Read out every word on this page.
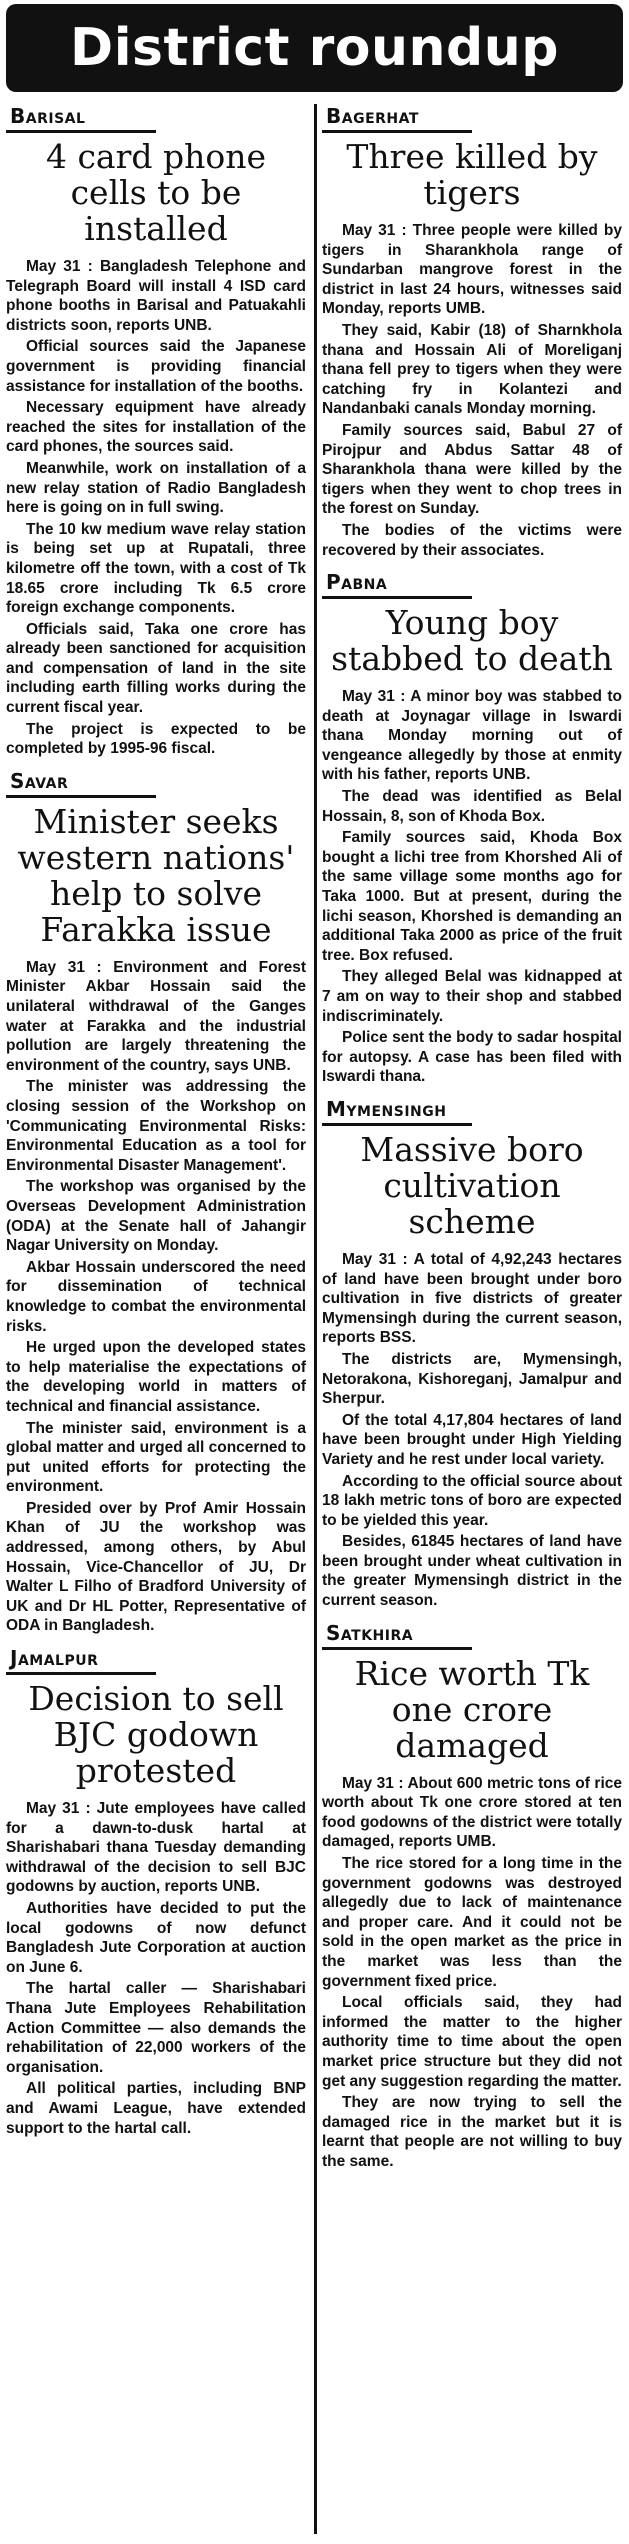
District roundup
Barisal
4 card phone cells to be installed

May 31 : Bangladesh Telephone and Telegraph Board will install 4 ISD card phone booths in Barisal and Patuakahli districts soon, reports UNB.

Official sources said the Japanese government is providing financial assistance for installation of the booths.

Necessary equipment have already reached the sites for installation of the card phones, the sources said.

Meanwhile, work on installation of a new relay station of Radio Bangladesh here is going on in full swing.

The 10 kw medium wave relay station is being set up at Rupatali, three kilometre off the town, with a cost of Tk 18.65 crore including Tk 6.5 crore foreign exchange components.

Officials said, Taka one crore has already been sanctioned for acquisition and compensation of land in the site including earth filling works during the current fiscal year.

The project is expected to be completed by 1995-96 fiscal.

Savar
Minister seeks western nations' help to solve Farakka issue

May 31 : Environment and Forest Minister Akbar Hossain said the unilateral withdrawal of the Ganges water at Farakka and the industrial pollution are largely threatening the environment of the country, says UNB.

The minister was addressing the closing session of the Workshop on 'Communicating Environmental Risks: Environmental Education as a tool for Environmental Disaster Management'.

The workshop was organised by the Overseas Development Administration (ODA) at the Senate hall of Jahangir Nagar University on Monday.

Akbar Hossain underscored the need for dissemination of technical knowledge to combat the environmental risks.

He urged upon the developed states to help materialise the expectations of the developing world in matters of technical and financial assistance.

The minister said, environment is a global matter and urged all concerned to put united efforts for protecting the environment.

Presided over by Prof Amir Hossain Khan of JU the workshop was addressed, among others, by Abul Hossain, Vice-Chancellor of JU, Dr Walter L Filho of Bradford University of UK and Dr HL Potter, Representative of ODA in Bangladesh.

Jamalpur
Decision to sell BJC godown protested

May 31 : Jute employees have called for a dawn-to-dusk hartal at Sharishabari thana Tuesday demanding withdrawal of the decision to sell BJC godowns by auction, reports UNB.

Authorities have decided to put the local godowns of now defunct Bangladesh Jute Corporation at auction on June 6.

The hartal caller — Sharishabari Thana Jute Employees Rehabilitation Action Committee — also demands the rehabilitation of 22,000 workers of the organisation.

All political parties, including BNP and Awami League, have extended support to the hartal call.

Bagerhat
Three killed by tigers

May 31 : Three people were killed by tigers in Sharankhola range of Sundarban mangrove forest in the district in last 24 hours, witnesses said Monday, reports UMB.

They said, Kabir (18) of Sharnkhola thana and Hossain Ali of Moreliganj thana fell prey to tigers when they were catching fry in Kolantezi and Nandanbaki canals Monday morning.

Family sources said, Babul 27 of Pirojpur and Abdus Sattar 48 of Sharankhola thana were killed by the tigers when they went to chop trees in the forest on Sunday.

The bodies of the victims were recovered by their associates.

Pabna
Young boy stabbed to death

May 31 : A minor boy was stabbed to death at Joynagar village in Iswardi thana Monday morning out of vengeance allegedly by those at enmity with his father, reports UNB.

The dead was identified as Belal Hossain, 8, son of Khoda Box.

Family sources said, Khoda Box bought a lichi tree from Khorshed Ali of the same village some months ago for Taka 1000. But at present, during the lichi season, Khorshed is demanding an additional Taka 2000 as price of the fruit tree. Box refused.

They alleged Belal was kidnapped at 7 am on way to their shop and stabbed indiscriminately.

Police sent the body to sadar hospital for autopsy. A case has been filed with Iswardi thana.

Mymensingh
Massive boro cultivation scheme

May 31 : A total of 4,92,243 hectares of land have been brought under boro cultivation in five districts of greater Mymensingh during the current season, reports BSS.

The districts are, Mymensingh, Netorakona, Kishoreganj, Jamalpur and Sherpur.

Of the total 4,17,804 hectares of land have been brought under High Yielding Variety and he rest under local variety.

According to the official source about 18 lakh metric tons of boro are expected to be yielded this year.

Besides, 61845 hectares of land have been brought under wheat cultivation in the greater Mymensingh district in the current season.

Satkhira
Rice worth Tk one crore damaged

May 31 : About 600 metric tons of rice worth about Tk one crore stored at ten food godowns of the district were totally damaged, reports UMB.

The rice stored for a long time in the government godowns was destroyed allegedly due to lack of maintenance and proper care. And it could not be sold in the open market as the price in the market was less than the government fixed price.

Local officials said, they had informed the matter to the higher authority time to time about the open market price structure but they did not get any suggestion regarding the matter.

They are now trying to sell the damaged rice in the market but it is learnt that people are not willing to buy the same.
